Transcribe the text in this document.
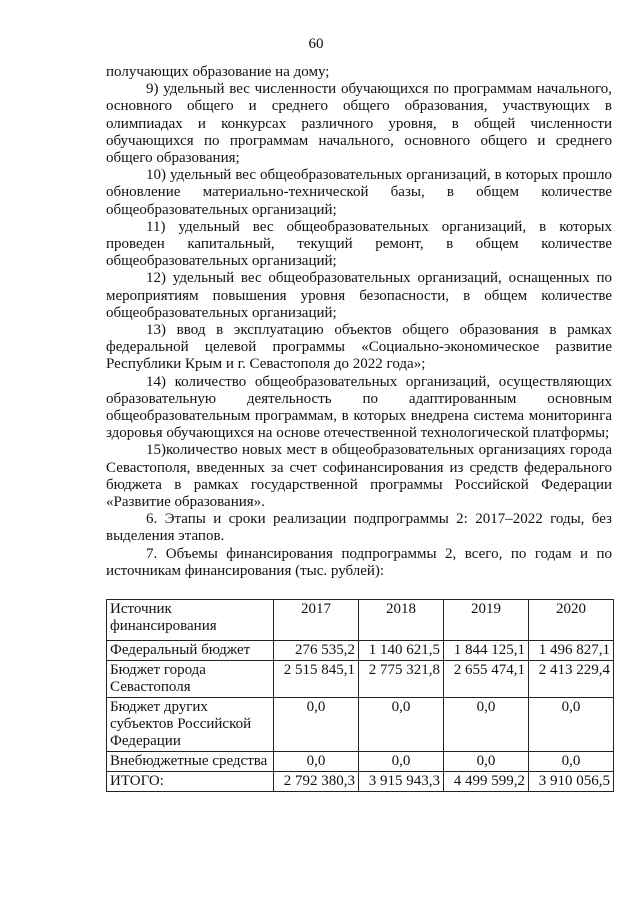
60

получающих образование на дому;

9) удельный вес численности обучающихся по программам начального, основного общего и среднего общего образования, участвующих в олимпиадах и конкурсах различного уровня, в общей численности обучающихся по программам начального, основного общего и среднего общего образования;

10) удельный вес общеобразовательных организаций, в которых прошло обновление материально-технической базы, в общем количестве общеобразовательных организаций;

11) удельный вес общеобразовательных организаций, в которых проведен капитальный, текущий ремонт, в общем количестве общеобразовательных организаций;

12) удельный вес общеобразовательных организаций, оснащенных по мероприятиям повышения уровня безопасности, в общем количестве общеобразовательных организаций;

13) ввод в эксплуатацию объектов общего образования в рамках федеральной целевой программы «Социально-экономическое развитие Республики Крым и г. Севастополя до 2022 года»;

14) количество общеобразовательных организаций, осуществляющих образовательную деятельность по адаптированным основным общеобразовательным программам, в которых внедрена система мониторинга здоровья обучающихся на основе отечественной технологической платформы;

15)количество новых мест в общеобразовательных организациях города Севастополя, введенных за счет софинансирования из средств федерального бюджета в рамках государственной программы Российской Федерации «Развитие образования».

6. Этапы и сроки реализации подпрограммы 2: 2017–2022 годы, без выделения этапов.

7. Объемы финансирования подпрограммы 2, всего, по годам и по источникам финансирования (тыс. рублей):

Источник финансирования	2017	2018	2019	2020
Федеральный бюджет	276 535,2	1 140 621,5	1 844 125,1	1 496 827,1
Бюджет города Севастополя	2 515 845,1	2 775 321,8	2 655 474,1	2 413 229,4
Бюджет других субъектов Российской Федерации	0,0	0,0	0,0	0,0
Внебюджетные средства	0,0	0,0	0,0	0,0
ИТОГО:	2 792 380,3	3 915 943,3	4 499 599,2	3 910 056,5
